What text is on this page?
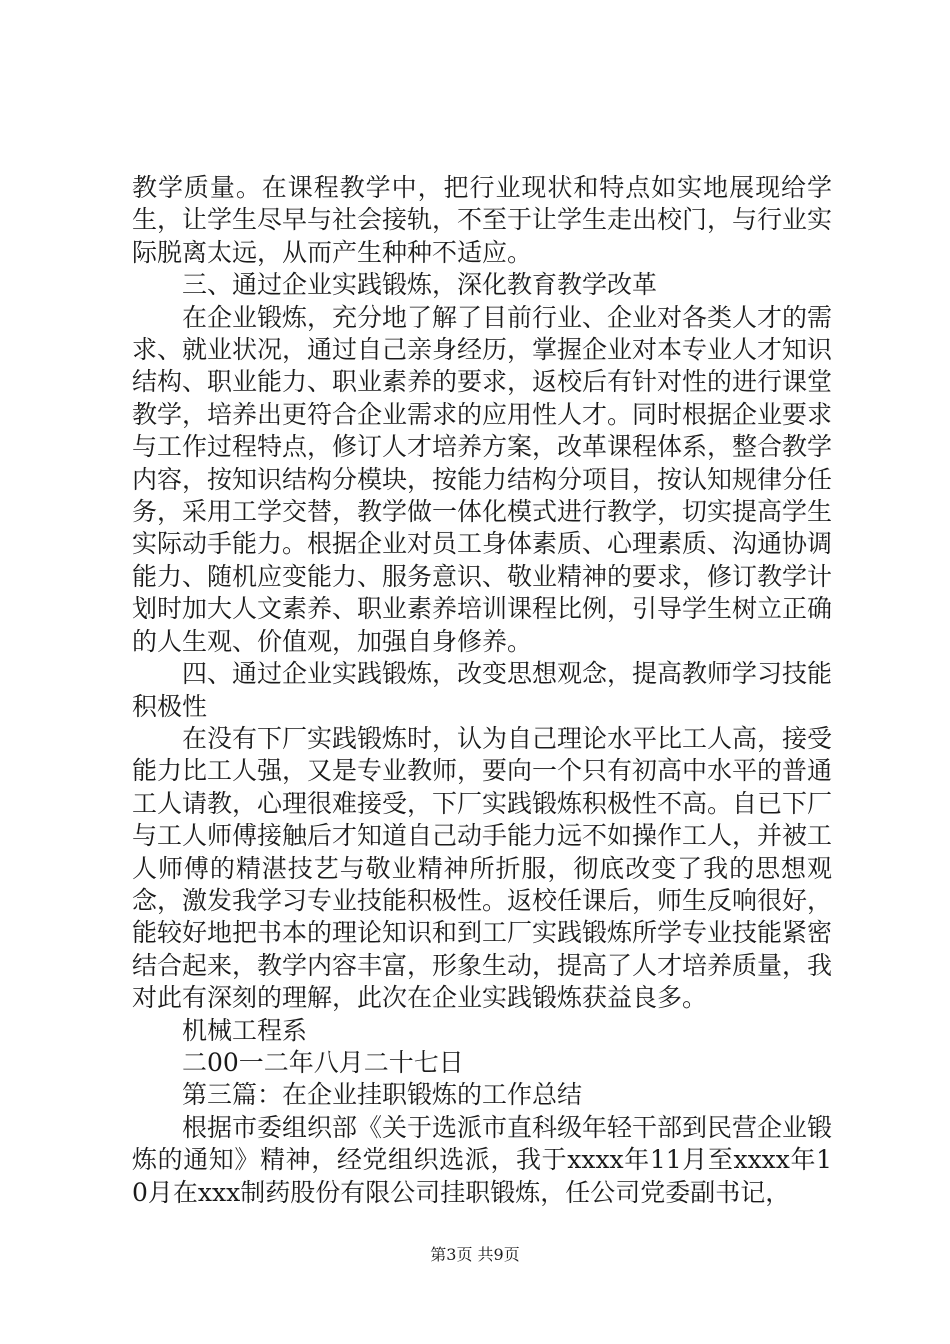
教学质量。在课程教学中，把行业现状和特点如实地展现给学生，让学生尽早与社会接轨，不至于让学生走出校门，与行业实际脱离太远，从而产生种种不适应。

三、通过企业实践锻炼，深化教育教学改革

在企业锻炼，充分地了解了目前行业、企业对各类人才的需求、就业状况，通过自己亲身经历，掌握企业对本专业人才知识结构、职业能力、职业素养的要求，返校后有针对性的进行课堂教学，培养出更符合企业需求的应用性人才。同时根据企业要求与工作过程特点，修订人才培养方案，改革课程体系，整合教学内容，按知识结构分模块，按能力结构分项目，按认知规律分任务，采用工学交替，教学做一体化模式进行教学，切实提高学生实际动手能力。根据企业对员工身体素质、心理素质、沟通协调能力、随机应变能力、服务意识、敬业精神的要求，修订教学计划时加大人文素养、职业素养培训课程比例，引导学生树立正确的人生观、价值观，加强自身修养。

四、通过企业实践锻炼，改变思想观念，提高教师学习技能积极性

在没有下厂实践锻炼时，认为自己理论水平比工人高，接受能力比工人强，又是专业教师，要向一个只有初高中水平的普通工人请教，心理很难接受，下厂实践锻炼积极性不高。自已下厂与工人师傅接触后才知道自己动手能力远不如操作工人，并被工人师傅的精湛技艺与敬业精神所折服，彻底改变了我的思想观念，激发我学习专业技能积极性。返校任课后，师生反响很好，能较好地把书本的理论知识和到工厂实践锻炼所学专业技能紧密结合起来，教学内容丰富，形象生动，提高了人才培养质量，我对此有深刻的理解，此次在企业实践锻炼获益良多。

机械工程系

二00一二年八月二十七日

第三篇：在企业挂职锻炼的工作总结

根据市委组织部《关于选派市直科级年轻干部到民营企业锻炼的通知》精神，经党组织选派，我于xxxx年11月至xxxx年10月在xxx制药股份有限公司挂职锻炼，任公司党委副书记，

第3页 共9页
